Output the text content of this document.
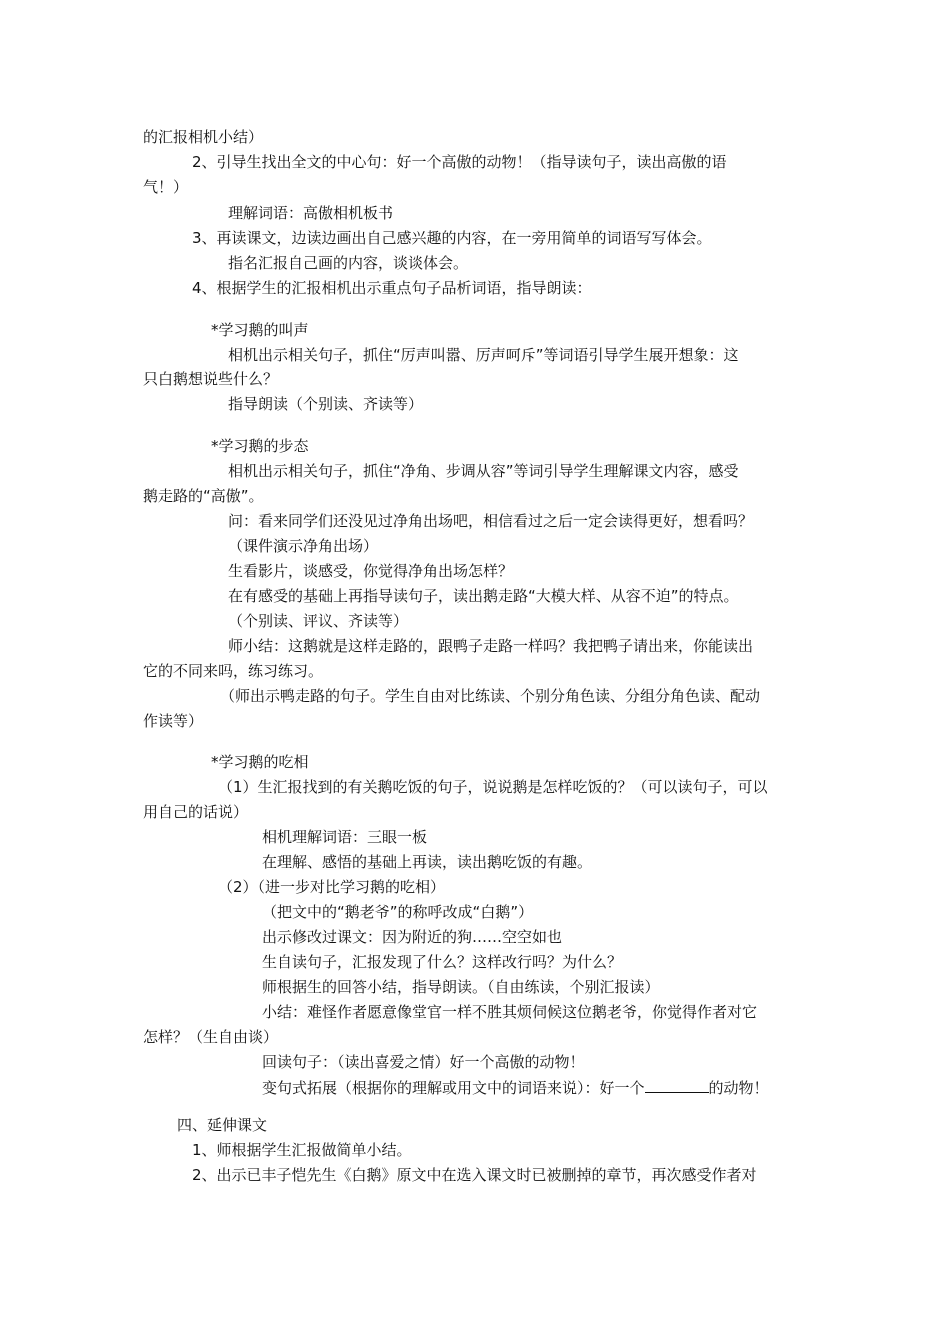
的汇报相机小结）
2、引导生找出全文的中心句：好一个高傲的动物！（指导读句子，读出高傲的语
气！）
理解词语：高傲相机板书
3、再读课文，边读边画出自己感兴趣的内容，在一旁用简单的词语写写体会。
指名汇报自己画的内容，谈谈体会。
4、根据学生的汇报相机出示重点句子品析词语，指导朗读：
*学习鹅的叫声
相机出示相关句子，抓住“厉声叫嚣、厉声呵斥”等词语引导学生展开想象：这
只白鹅想说些什么？
指导朗读（个别读、齐读等）
*学习鹅的步态
相机出示相关句子，抓住“净角、步调从容”等词引导学生理解课文内容，感受
鹅走路的“高傲”。
问：看来同学们还没见过净角出场吧，相信看过之后一定会读得更好，想看吗？
（课件演示净角出场）
生看影片，谈感受，你觉得净角出场怎样？
在有感受的基础上再指导读句子，读出鹅走路“大模大样、从容不迫”的特点。
（个别读、评议、齐读等）
师小结：这鹅就是这样走路的，跟鸭子走路一样吗？我把鸭子请出来，你能读出
它的不同来吗，练习练习。
（师出示鸭走路的句子。学生自由对比练读、个别分角色读、分组分角色读、配动
作读等）
*学习鹅的吃相
（1）生汇报找到的有关鹅吃饭的句子，说说鹅是怎样吃饭的？（可以读句子，可以
用自己的话说）
相机理解词语：三眼一板
在理解、感悟的基础上再读，读出鹅吃饭的有趣。
（2）（进一步对比学习鹅的吃相）
（把文中的“鹅老爷”的称呼改成“白鹅”）
出示修改过课文：因为附近的狗……空空如也
生自读句子，汇报发现了什么？这样改行吗？为什么？
师根据生的回答小结，指导朗读。（自由练读，个别汇报读）
小结：难怪作者愿意像堂官一样不胜其烦伺候这位鹅老爷，你觉得作者对它
怎样？（生自由谈）
回读句子：（读出喜爱之情）好一个高傲的动物！
变句式拓展（根据你的理解或用文中的词语来说）：好一个	的动物！
四、延伸课文
1、师根据学生汇报做简单小结。
2、出示已丰子恺先生《白鹅》原文中在选入课文时已被删掉的章节，再次感受作者对
